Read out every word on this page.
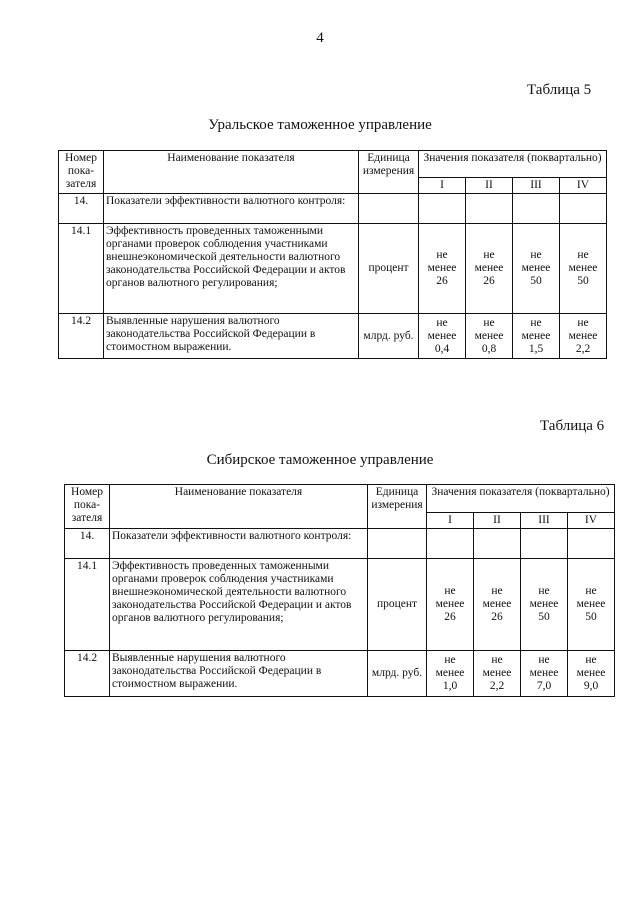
4
Таблица 5
Уральское таможенное управление
Номер пока-зателя	Наименование показателя	Единица измерения	Значения показателя (поквартально)			
			I	II	III	IV
14.	Показатели эффективности валютного контроля:					
14.1	Эффективность проведенных таможенными органами проверок соблюдения участниками внешнеэкономической деятельности валютного законодательства Российской Федерации и актов органов валютного регулирования;	процент	не менее 26	не менее 26	не менее 50	не менее 50
14.2	Выявленные нарушения валютного законодательства Российской Федерации в стоимостном выражении.	млрд. руб.	не менее 0,4	не менее 0,8	не менее 1,5	не менее 2,2
Таблица 6
Сибирское таможенное управление
Номер пока-зателя	Наименование показателя	Единица измерения	Значения показателя (поквартально)			
			I	II	III	IV
14.	Показатели эффективности валютного контроля:					
14.1	Эффективность проведенных таможенными органами проверок соблюдения участниками внешнеэкономической деятельности валютного законодательства Российской Федерации и актов органов валютного регулирования;	процент	не менее 26	не менее 26	не менее 50	не менее 50
14.2	Выявленные нарушения валютного законодательства Российской Федерации в стоимостном выражении.	млрд. руб.	не менее 1,0	не менее 2,2	не менее 7,0	не менее 9,0
